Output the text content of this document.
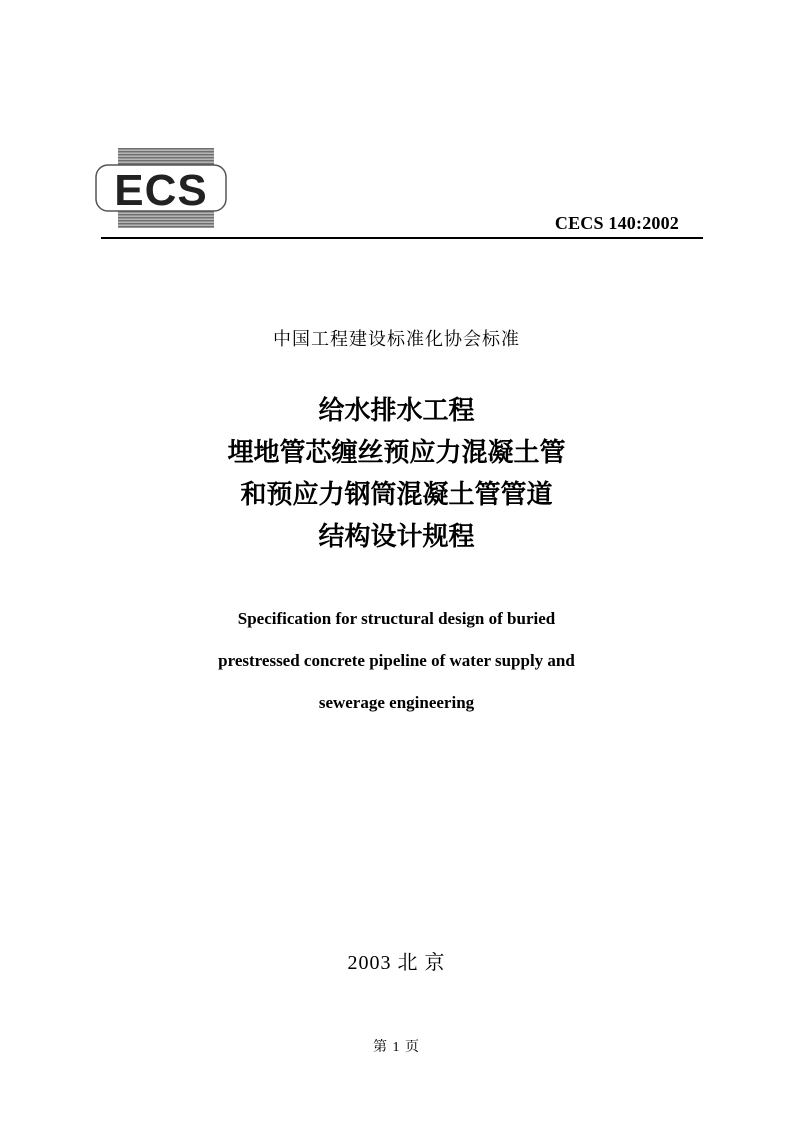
ECS
CECS 140:2002
中国工程建设标准化协会标准
给水排水工程
埋地管芯缠丝预应力混凝土管
和预应力钢筒混凝土管管道
结构设计规程
Specification for structural design of buried
prestressed concrete pipeline of water supply and
sewerage engineering
2003 北 京
第 1 页
